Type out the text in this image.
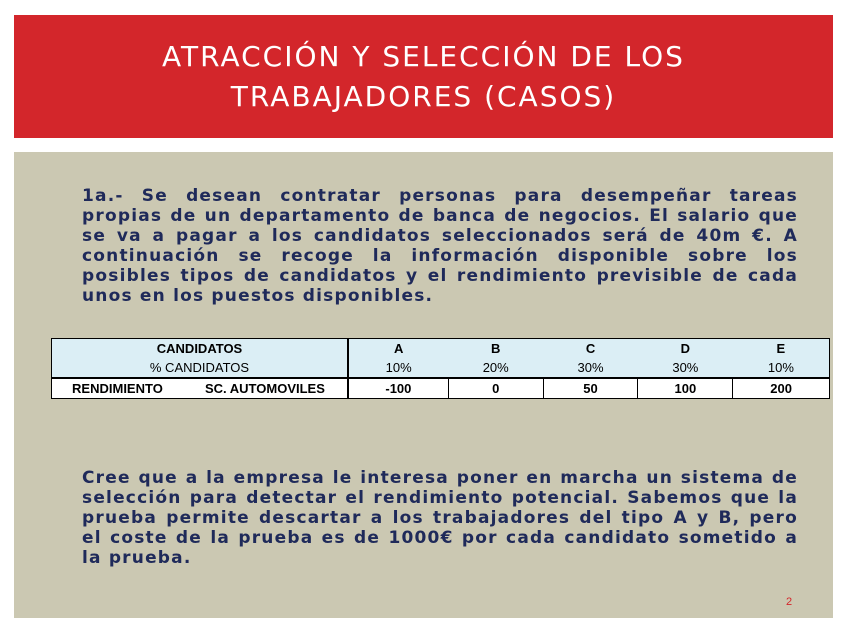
ATRACCIÓN Y SELECCIÓN DE LOS
TRABAJADORES (CASOS)

1a.- Se desean contratar personas para desempeñar tareas propias de un departamento de banca de negocios. El salario que se va a pagar a los candidatos seleccionados será de 40m €. A continuación se recoge la información disponible sobre los posibles tipos de candidatos y el rendimiento previsible de cada unos en los puestos disponibles.

CANDIDATOS		A	B	C	D	E
% CANDIDATOS		10%	20%	30%	30%	10%
RENDIMIENTO	SC. AUTOMOVILES	-100	0	50	100	200

Cree que a la empresa le interesa poner en marcha un sistema de selección para detectar el rendimiento potencial. Sabemos que la prueba permite descartar a los trabajadores del tipo A y B, pero el coste de la prueba es de 1000€ por cada candidato sometido a la prueba.

2
